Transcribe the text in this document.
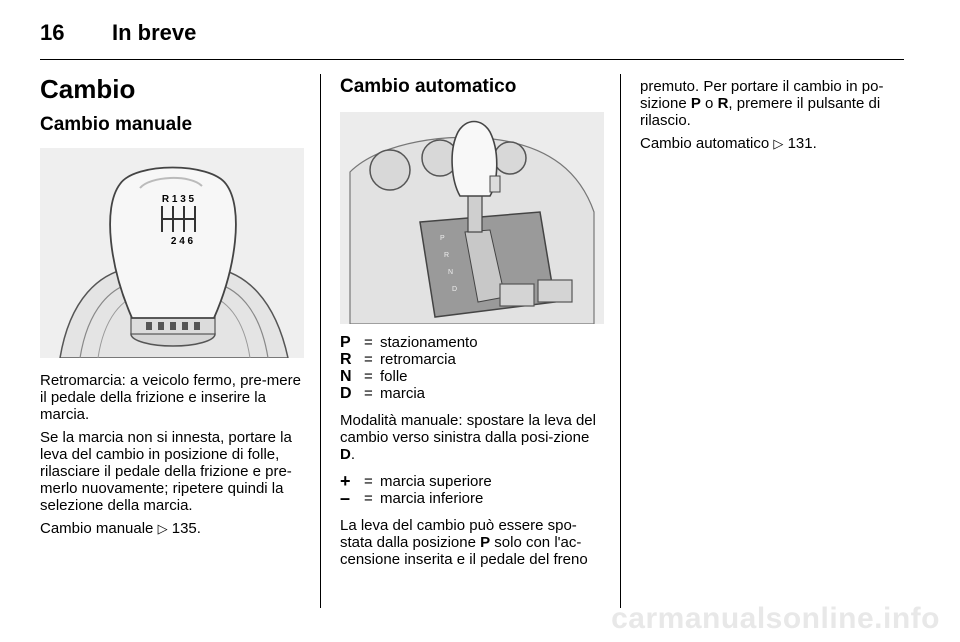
16	In breve
Cambio
Cambio manuale
R 1 3 5
2 4 6

Retromarcia: a veicolo fermo, pre-mere il pedale della frizione e inserire la marcia.

Se la marcia non si innesta, portare la leva del cambio in posizione di folle, rilasciare il pedale della frizione e pre-merlo nuovamente; ripetere quindi la selezione della marcia.

Cambio manuale ▷ 135.

Cambio automatico
P
R
N
D
P = stazionamento
R = retromarcia
N = folle
D = marcia

Modalità manuale: spostare la leva del cambio verso sinistra dalla posi-zione D.

+ = marcia superiore
– = marcia inferiore

La leva del cambio può essere spo-stata dalla posizione P solo con l'ac-censione inserita e il pedale del freno

premuto. Per portare il cambio in po-sizione P o R, premere il pulsante di rilascio.

Cambio automatico ▷ 131.

carmanualsonline.info
